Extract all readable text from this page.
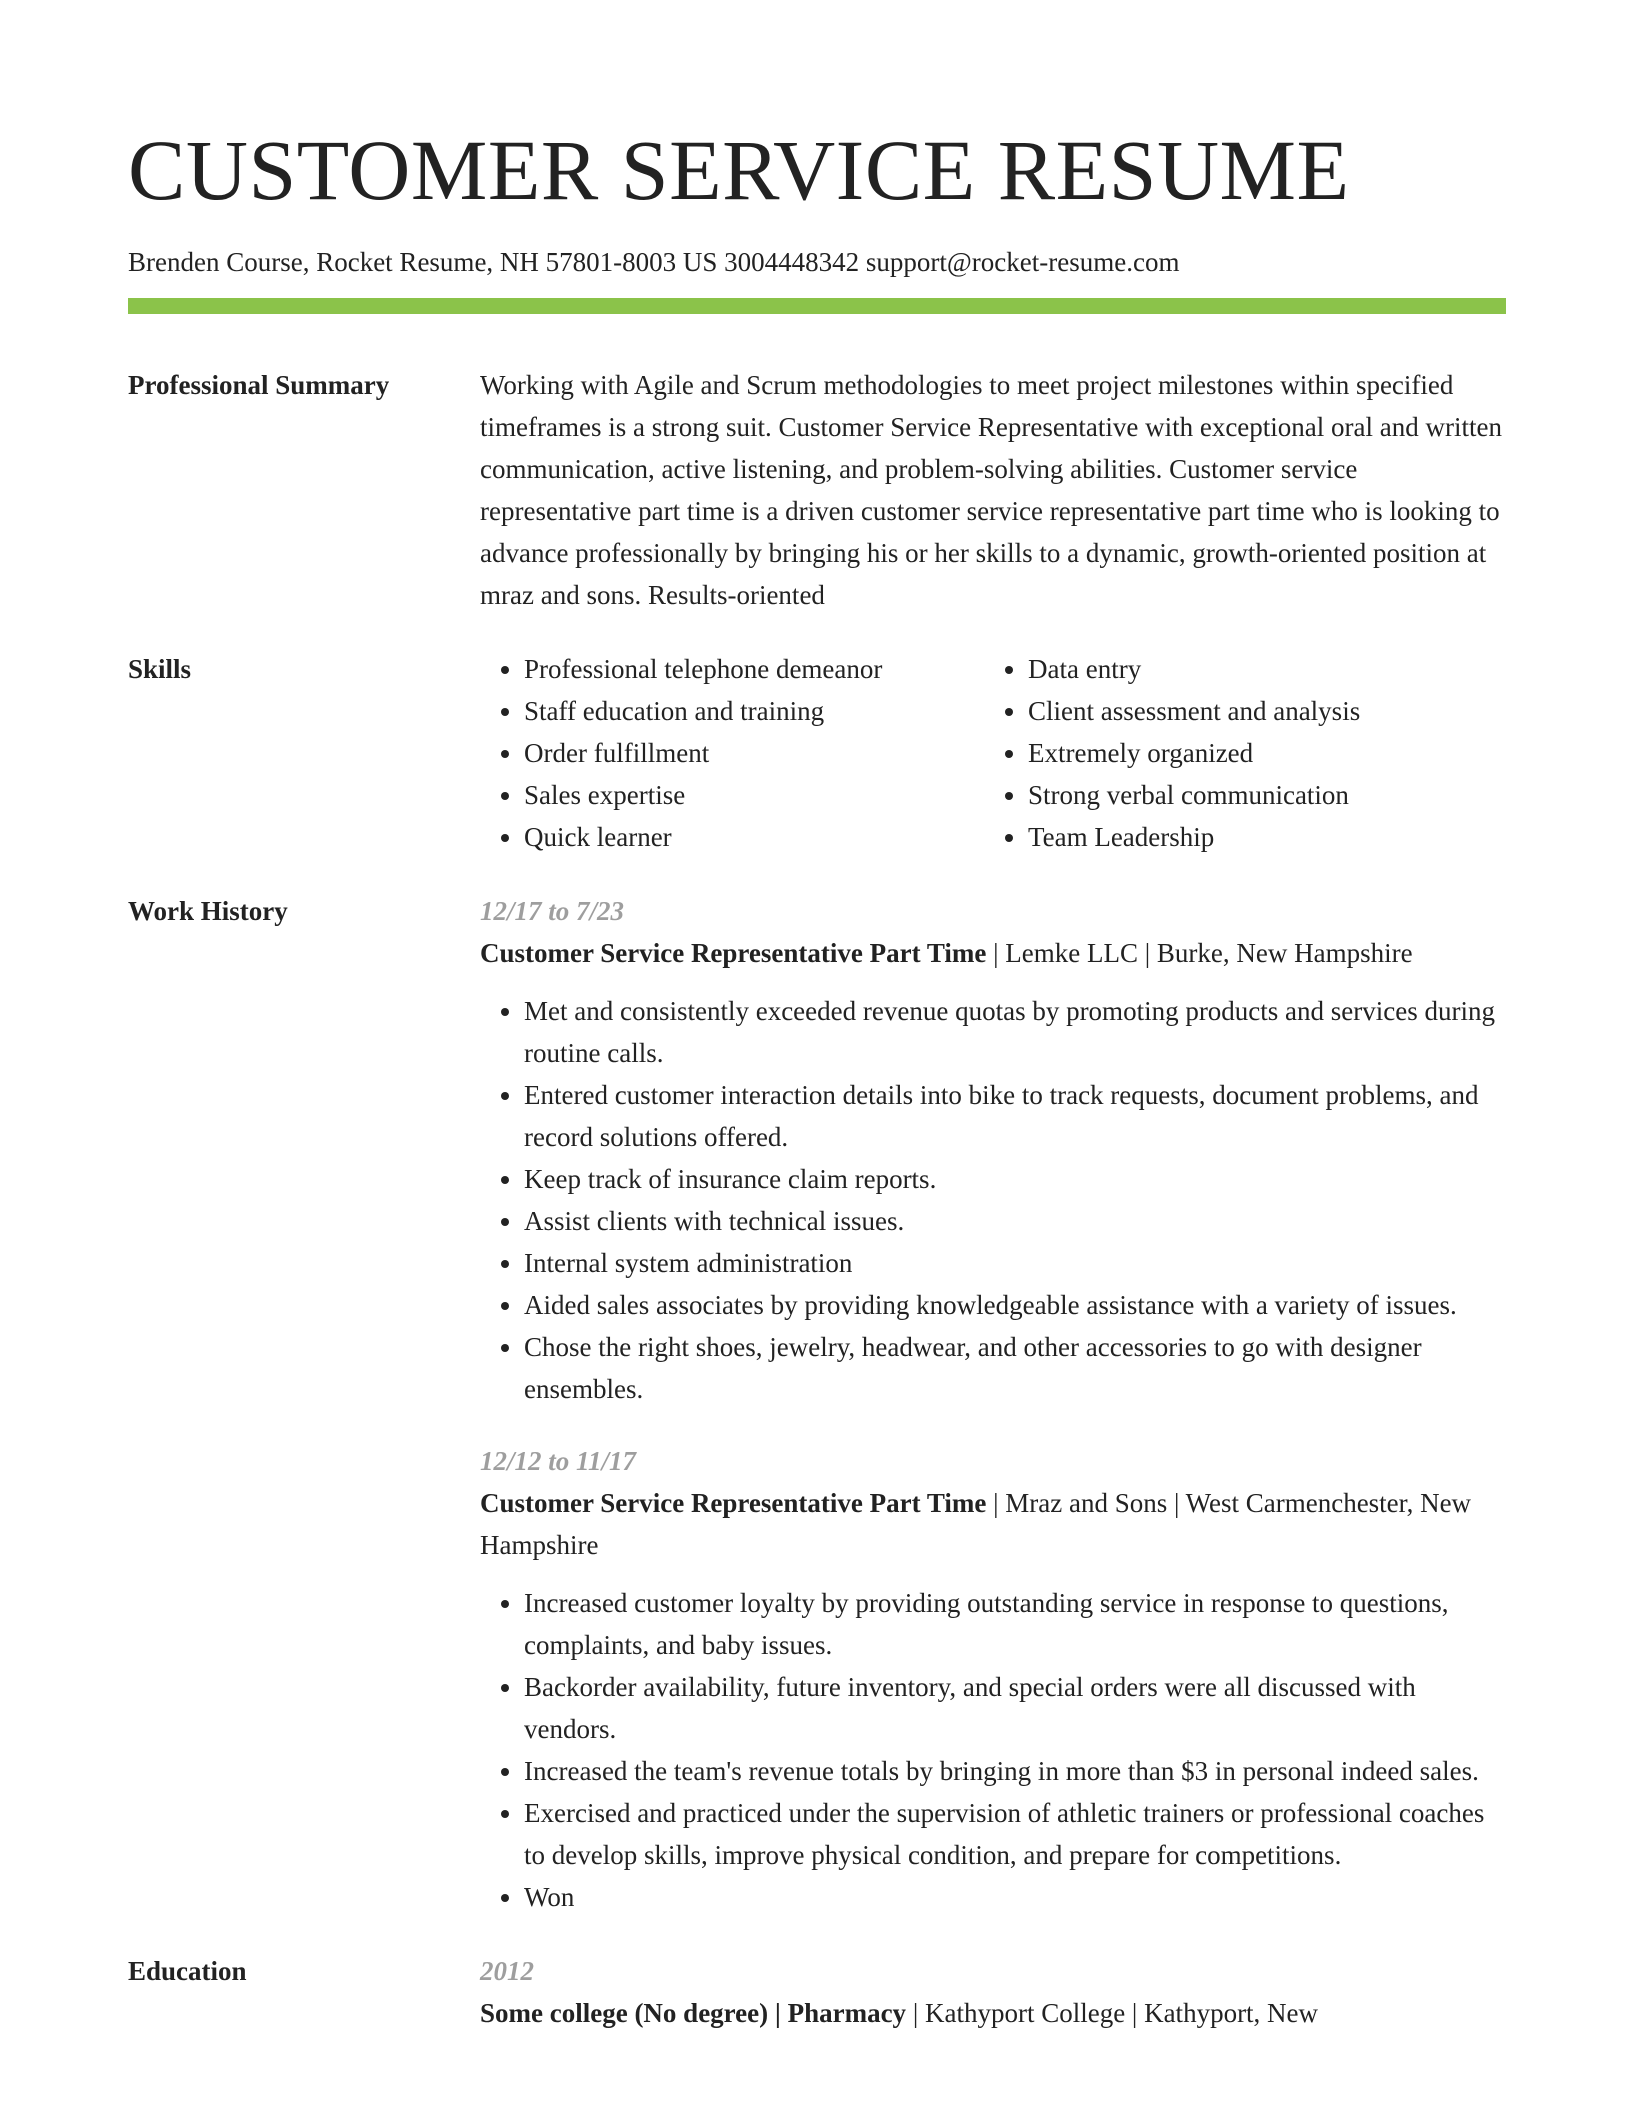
CUSTOMER SERVICE RESUME
Brenden Course, Rocket Resume, NH 57801-8003 US 3004448342 support@rocket-resume.com
Professional Summary	Working with Agile and Scrum methodologies to meet project milestones within specified timeframes is a strong suit. Customer Service Representative with exceptional oral and written communication, active listening, and problem-solving abilities. Customer service representative part time is a driven customer service representative part time who is looking to advance professionally by bringing his or her skills to a dynamic, growth-oriented position at mraz and sons. Results-oriented

Skills
•	Professional telephone demeanor
• Staff education and training
• Order fulfillment
• Sales expertise
• Quick learner
• Data entry
• Client assessment and analysis
• Extremely organized
• Strong verbal communication
• Team Leadership
Work History	12/17 to 7/23

Customer Service Representative Part Time | Lemke LLC | Burke, New Hampshire

• Met and consistently exceeded revenue quotas by promoting products and services during routine calls.
• Entered customer interaction details into bike to track requests, document problems, and record solutions offered.
• Keep track of insurance claim reports.
• Assist clients with technical issues.
• Internal system administration
• Aided sales associates by providing knowledgeable assistance with a variety of issues.
• Chose the right shoes, jewelry, headwear, and other accessories to go with designer ensembles.
12/12 to 11/17

Customer Service Representative Part Time | Mraz and Sons | West Carmenchester, New Hampshire

• Increased customer loyalty by providing outstanding service in response to questions, complaints, and baby issues.
• Backorder availability, future inventory, and special orders were all discussed with vendors.
• Increased the team's revenue totals by bringing in more than $3 in personal indeed sales.
• Exercised and practiced under the supervision of athletic trainers or professional coaches to develop skills, improve physical condition, and prepare for competitions.
• Won
Education	2012

Some college (No degree) | Pharmacy | Kathyport College | Kathyport, New
